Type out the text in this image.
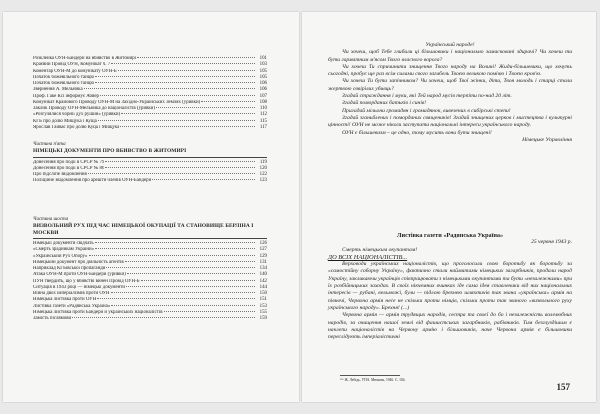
Розклейка ОУН-Бандери на вбивство в Житомирі	101
Краєвий Провід ОУН, Комунікат ч. 7	103
Коментар ОУН-М до комунікату ОУН-Б	105
Початок божевільного танцю	105
Початок божевільного танцю	106
Звернення А. Мельника	106
Проф. Гаке Ксі інформує Абвер	107
Комунікат Крайового Проводу ОУН-М на Західно-Українських Землях (уривки)	108
Заклик Проводу ОУН-Мельника до націоналістів (уривки)	110
«Розгулялися чорнії дух рушин» (уривки)	112
КГБ про долю Мищука і Куща	115
Ярослав Гайвас про долю Куца і Мищука	117
Частина п'ята
НІМЕЦЬКІ ДОКУМЕНТИ ПРО ВБИВСТВО В ЖИТОМИРІ
Донесення про події в СРСР № 79	119
Донесення про події в СРСР № 86	120
Про підсліпе звідомлення	122
Поліційне звідомлення про арешти членів ОУН-Бандери	123
Частина шоста
ВИЗВОЛЬНИЙ РУХ ПІД ЧАС НІМЕЦЬКОЇ ОКУПАЦІЇ ТА СТАНОВИЩЕ БЕРЛІНА І МОСКВИ
Німецькі документи свідчать	126
«Смерть зрадникам України»	127
«Український Рух Опору»	129
Німецький документ про діяльність агентів	131
Наприклад КГБівської пропаганди	134
Атака ОУН-М проти ОУН-Бандери (уривки)	140
ПУН твердить, що у вбивстві винен Провід ОУН-Б	142
Ситуація в 1943 році — німецькі документи	144
Війна двох імперіалізмів проти ОУН	150
Німецька листівка проти ОУН	151
Листівка газети «Радянська Україна»	153
Німецька листівка проти Бандери й українських націоналістів	155
Замість післямови	159
Український народе!
Чи хочеш, щоб Тебе глибили ці більшовики і національно замасковані здирачі? Чи хочеш ти бути гарматним м'ясом Твого власного ворога?
Чи хочеш Ти спричинити знищення Твого народу на Волині! Жиди-більшевики, що хочуть сьогодні, пробує ще раз всім силами свого загибель Твоєю великою помічю і Твоєю кров'ю.
Чи хочеш Ти бути запічником? Чи хочеш, щоб Твої жінки, діти, Твоя молодь і старці стали жертвою озвірілих убивць?
Згадай страждання і муки, які Тей народ мусів терпіти по-над 20 літ.
Згадай поморданих батьків і синів!
Пригадай мільони громадян і громадянок, вивезених в сибірські степи!
Згадай зганьблених і поморданих священиків! Згадай знищених церков і мистецтва і культурні цінності! ОУН не може нікоги заступати національні інтереси українського народу.
ОУН є більшевизм – це одно, тому мусить вони бути знищені!
Німецьке Управління
Листівка газети «Радянська Україна»
25 червня 1943 р.
Смерть німецьким окупантам!
ДО ВСІХ НАЦІОНАЛІСТІВ...
Верховоди українських націоналістів, що проголосили свою боротьбу як боротьбу за «самостійну соборну Україну», фактично стали наймитами німецьких загарбників, продали народ Україну, закликаючи українців співпрацювати з німецькими окупантами та бути «незалежними» при їх розбійницьких заходах. В своїх нікчемних вчинках іде сама ідея ставленики від них національних інтересів — рубані, вельможі, були — підлою брехнею шляхтичів так звана «українська» армія на півночі, Червона армія несе не скільки проти німців, скільки проти так званого «визвольного руху українського народу». Брехня! (...)
Червона армія — армія трудящих народів, сестра та своєї до бо і незалежність волелюбних народів, за очищення нашої землі від фашистських загарбників, рабівників. Тим безглуздішим є наклепи націоналістів на Червону армію і більшовиків, наче Червона армія є більшовики переслідують імперіалістичні
¹⁵⁶ Ж. Лебідь, УПА. Мюнхен, 1946. С. 104.
157
